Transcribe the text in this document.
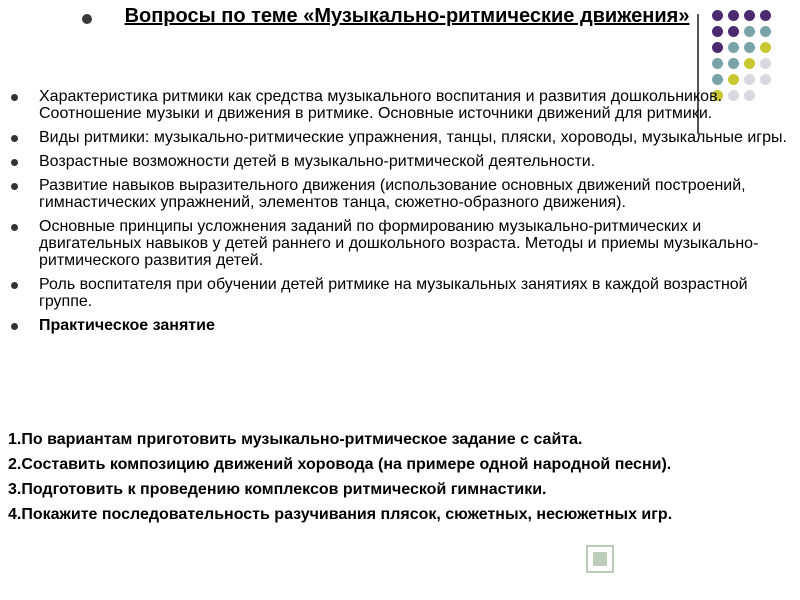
Вопросы по теме «Музыкально-ритмические движения»
Характеристика ритмики как средства музыкального воспитания и развития дошкольников. Соотношение музыки и движения в ритмике. Основные источники движений для ритмики.
Виды ритмики: музыкально-ритмические упражнения, танцы, пляски, хороводы, музыкальные игры.
Возрастные возможности детей в музыкально-ритмической деятельности.
Развитие навыков выразительного движения (использование основных движений построений, гимнастических упражнений, элементов танца, сюжетно-образного движения).
Основные принципы усложнения заданий по формированию музыкально-ритмических и двигательных навыков у детей раннего и дошкольного возраста. Методы и приемы музыкально-ритмического развития детей.
Роль воспитателя при обучении детей ритмике на музыкальных занятиях в каждой возрастной группе.
Практическое занятие
1.По вариантам приготовить музыкально-ритмическое задание с сайта.
2.Составить композицию движений хоровода (на примере одной народной песни).
3.Подготовить к проведению комплексов ритмической гимнастики.
4.Покажите последовательность разучивания плясок, сюжетных, несюжетных игр.
